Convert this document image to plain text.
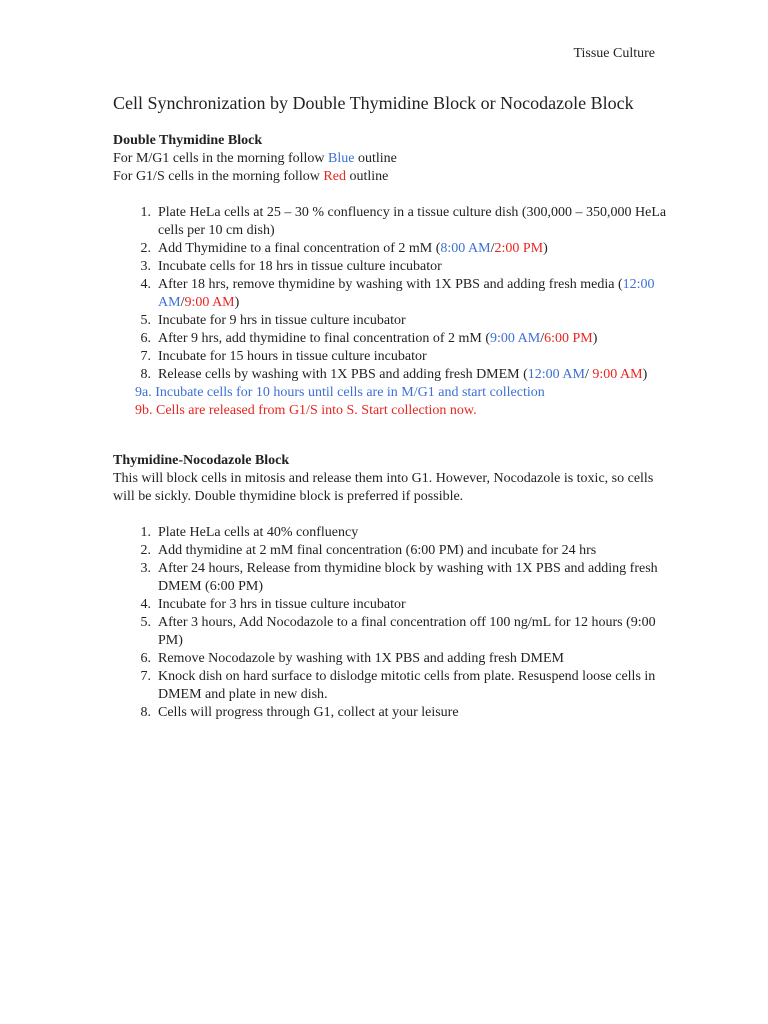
Tissue Culture
Cell Synchronization by Double Thymidine Block or Nocodazole Block
Double Thymidine Block
For M/G1 cells in the morning follow Blue outline
For G1/S cells in the morning follow Red outline
1. Plate HeLa cells at 25 – 30 % confluency in a tissue culture dish (300,000 – 350,000 HeLa cells per 10 cm dish)
2. Add Thymidine to a final concentration of 2 mM (8:00 AM/2:00 PM)
3. Incubate cells for 18 hrs in tissue culture incubator
4. After 18 hrs, remove thymidine by washing with 1X PBS and adding fresh media (12:00 AM/9:00 AM)
5. Incubate for 9 hrs in tissue culture incubator
6. After 9 hrs, add thymidine to final concentration of 2 mM (9:00 AM/6:00 PM)
7. Incubate for 15 hours in tissue culture incubator
8. Release cells by washing with 1X PBS and adding fresh DMEM (12:00 AM/ 9:00 AM)
9a. Incubate cells for 10 hours until cells are in M/G1 and start collection
9b. Cells are released from G1/S into S. Start collection now.
Thymidine-Nocodazole Block
This will block cells in mitosis and release them into G1. However, Nocodazole is toxic, so cells will be sickly. Double thymidine block is preferred if possible.
1. Plate HeLa cells at 40% confluency
2. Add thymidine at 2 mM final concentration (6:00 PM) and incubate for 24 hrs
3. After 24 hours, Release from thymidine block by washing with 1X PBS and adding fresh DMEM (6:00 PM)
4. Incubate for 3 hrs in tissue culture incubator
5. After 3 hours, Add Nocodazole to a final concentration off 100 ng/mL for 12 hours (9:00 PM)
6. Remove Nocodazole by washing with 1X PBS and adding fresh DMEM
7. Knock dish on hard surface to dislodge mitotic cells from plate. Resuspend loose cells in DMEM and plate in new dish.
8. Cells will progress through G1, collect at your leisure
